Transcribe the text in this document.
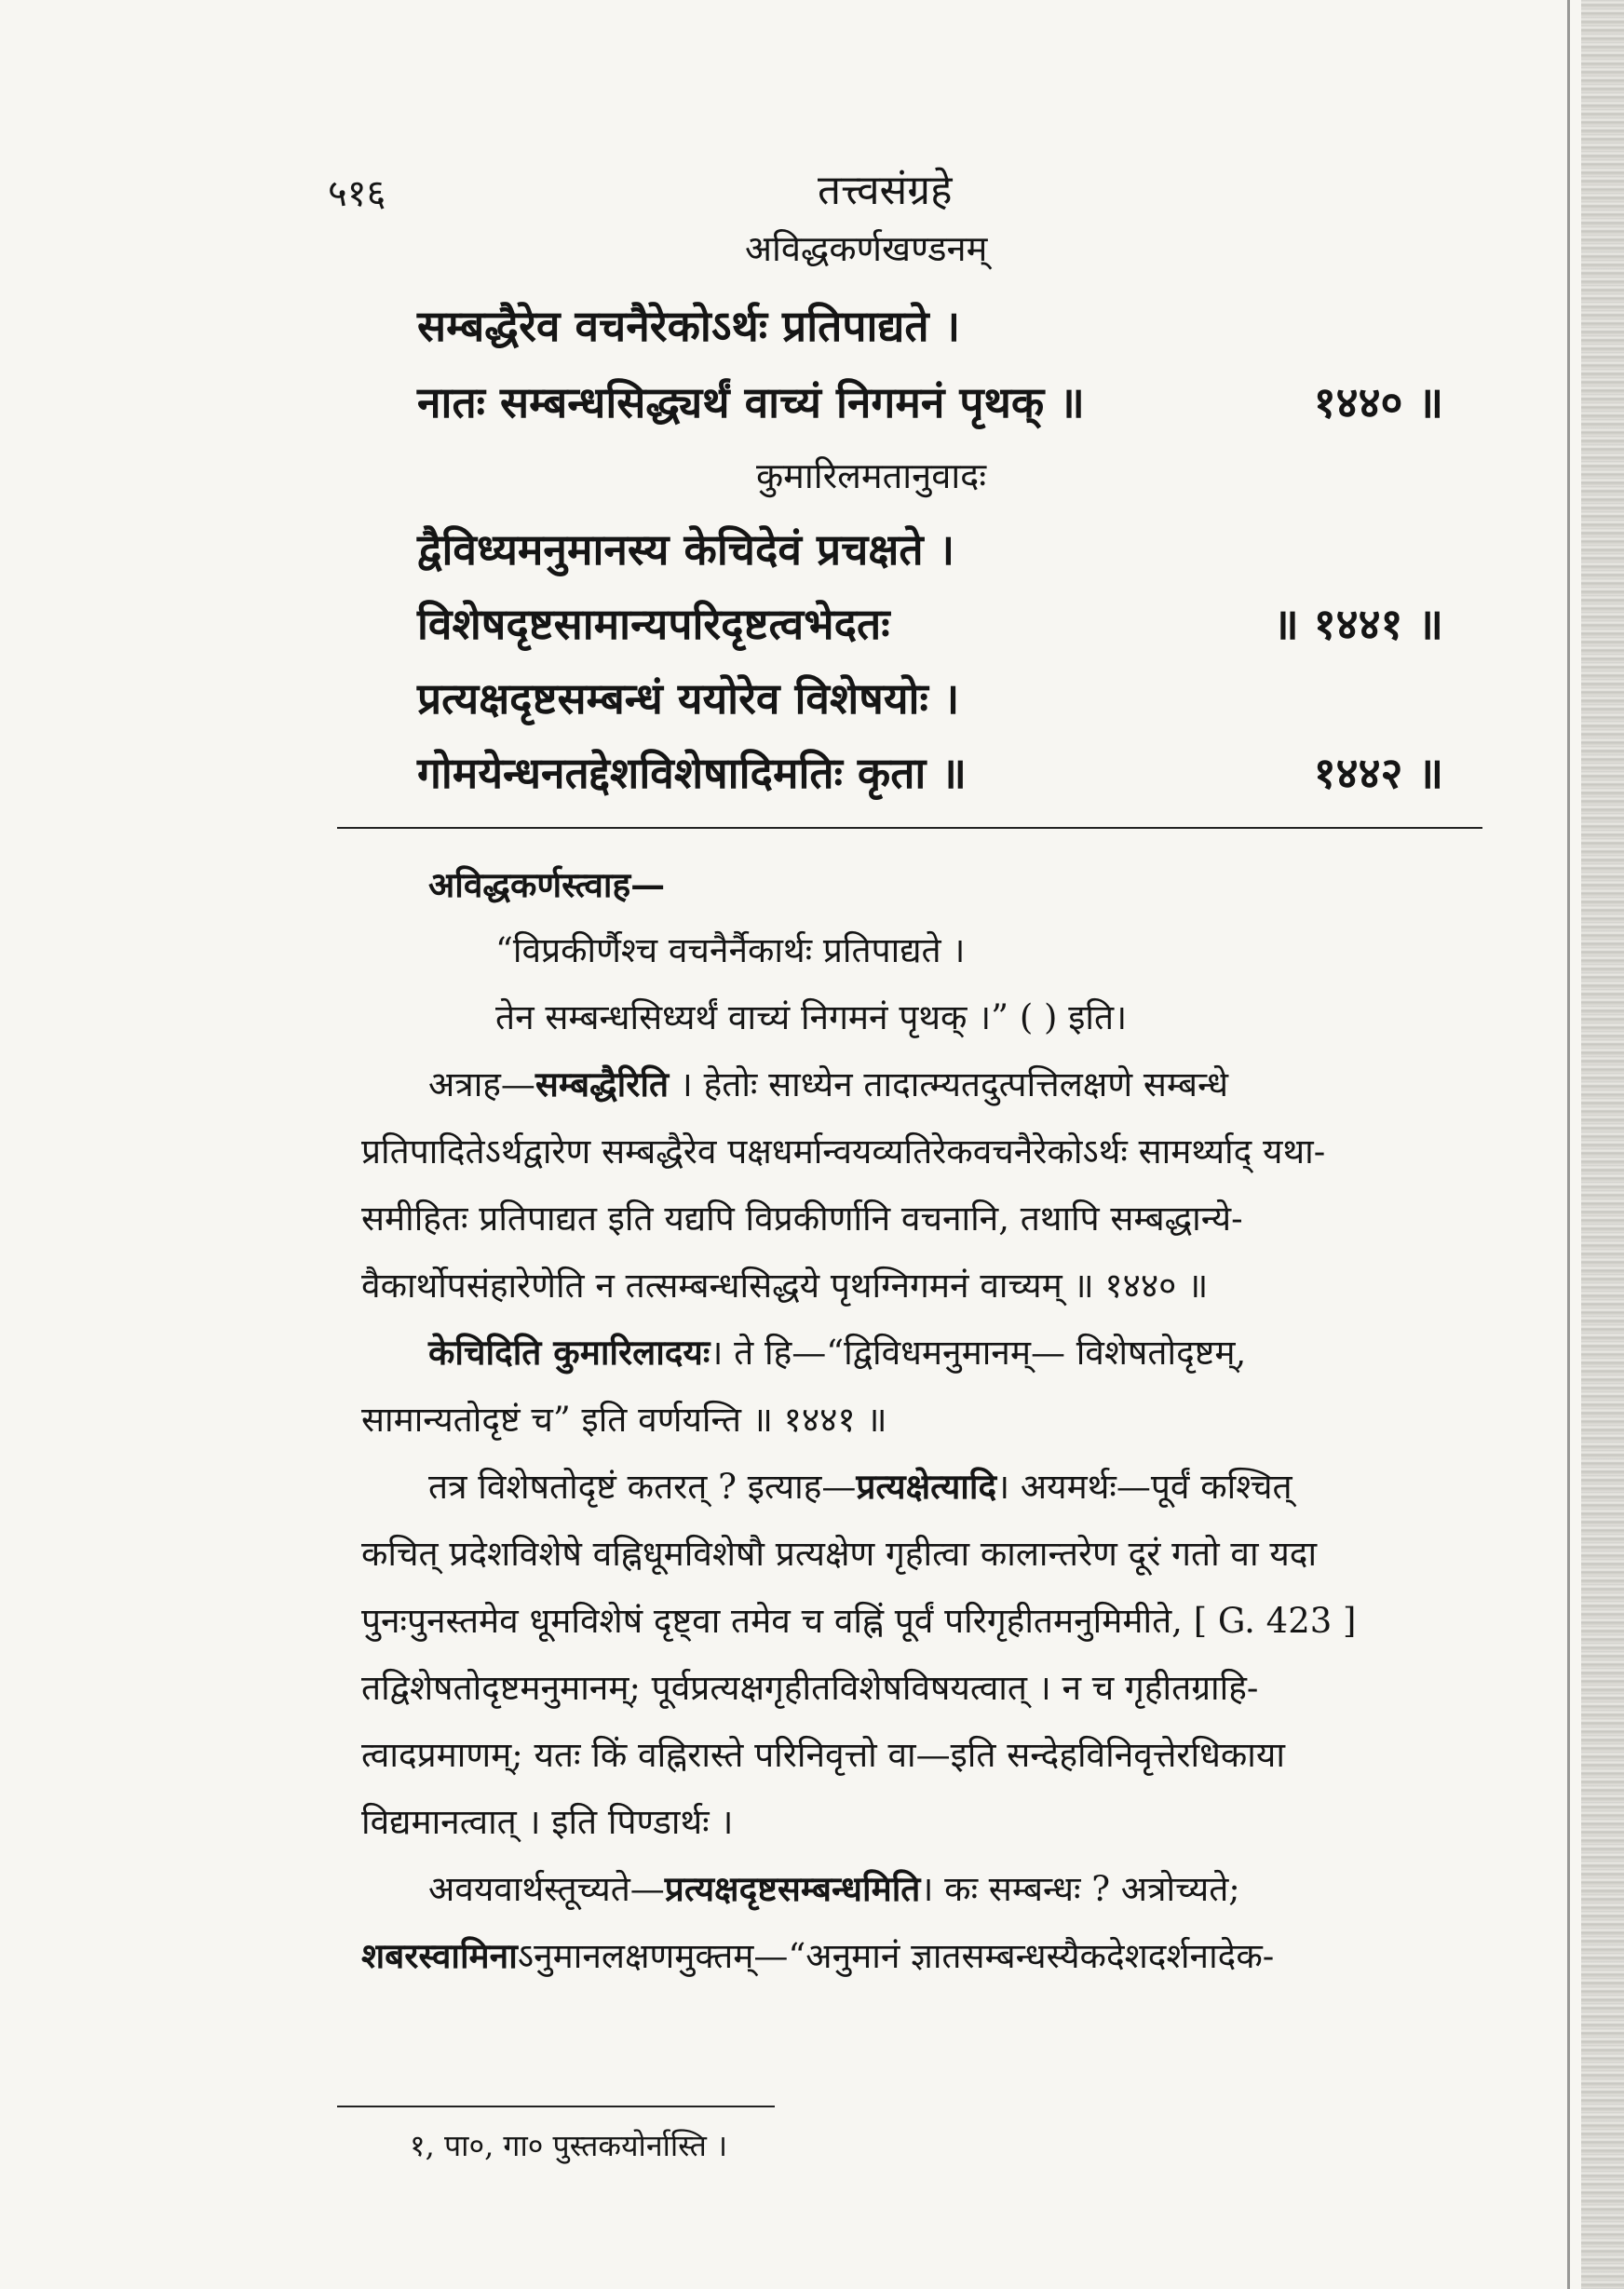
५१६	तत्त्वसंग्रहे
अविद्धकर्णखण्डनम्
सम्बद्धैरेव वचनैरेकोऽर्थः प्रतिपाद्यते ।
नातः सम्बन्धसिद्ध्यर्थं वाच्यं निगमनं पृथक् ॥	१४४० ॥
कुमारिलमतानुवादः
द्वैविध्यमनुमानस्य केचिदेवं प्रचक्षते ।
विशेषदृष्टसामान्यपरिदृष्टत्वभेदतः	॥ १४४१ ॥
प्रत्यक्षदृष्टसम्बन्धं ययोरेव विशेषयोः ।
गोमयेन्धनतद्देशविशेषादिमतिः कृता ॥	१४४२ ॥
अविद्धकर्णस्त्वाह—
“विप्रकीर्णैश्च वचनैर्नैकार्थः प्रतिपाद्यते ।
तेन सम्बन्धसिध्यर्थं वाच्यं निगमनं पृथक् ।” ( ) इति।
अत्राह—सम्बद्धैरिति । हेतोः साध्येन तादात्म्यतदुत्पत्तिलक्षणे सम्बन्धे
प्रतिपादितेऽर्थद्वारेण सम्बद्धैरेव पक्षधर्मान्वयव्यतिरेकवचनैरेकोऽर्थः सामर्थ्याद् यथा-
समीहितः प्रतिपाद्यत इति यद्यपि विप्रकीर्णानि वचनानि, तथापि सम्बद्धान्ये-
वैकार्थोपसंहारेणेति न तत्सम्बन्धसिद्धये पृथग्निगमनं वाच्यम् ॥ १४४० ॥
केचिदिति कुमारिलादयः। ते हि—“द्विविधमनुमानम्— विशेषतोदृष्टम्,
सामान्यतोदृष्टं च” इति वर्णयन्ति ॥ १४४१ ॥
तत्र विशेषतोदृष्टं कतरत् ? इत्याह—प्रत्यक्षेत्यादि। अयमर्थः—पूर्वं कश्चित्
कचित् प्रदेशविशेषे वह्निधूमविशेषौ प्रत्यक्षेण गृहीत्वा कालान्तरेण दूरं गतो वा यदा
पुनःपुनस्तमेव धूमविशेषं दृष्ट्वा तमेव च वह्निं पूर्वं परिगृहीतमनुमिमीते, [ G. 423 ]
तद्विशेषतोदृष्टमनुमानम्; पूर्वप्रत्यक्षगृहीतविशेषविषयत्वात् । न च गृहीतग्राहि-
त्वादप्रमाणम्; यतः किं वह्निरास्ते परिनिवृत्तो वा—इति सन्देहविनिवृत्तेरधिकाया
विद्यमानत्वात् । इति पिण्डार्थः ।
अवयवार्थस्तूच्यते—प्रत्यक्षदृष्टसम्बन्धमिति। कः सम्बन्धः ? अत्रोच्यते;
शबरस्वामिनाऽनुमानलक्षणमुक्तम्—“अनुमानं ज्ञातसम्बन्धस्यैकदेशदर्शनादेक-
१, पा०, गा० पुस्तकयोर्नास्ति ।
